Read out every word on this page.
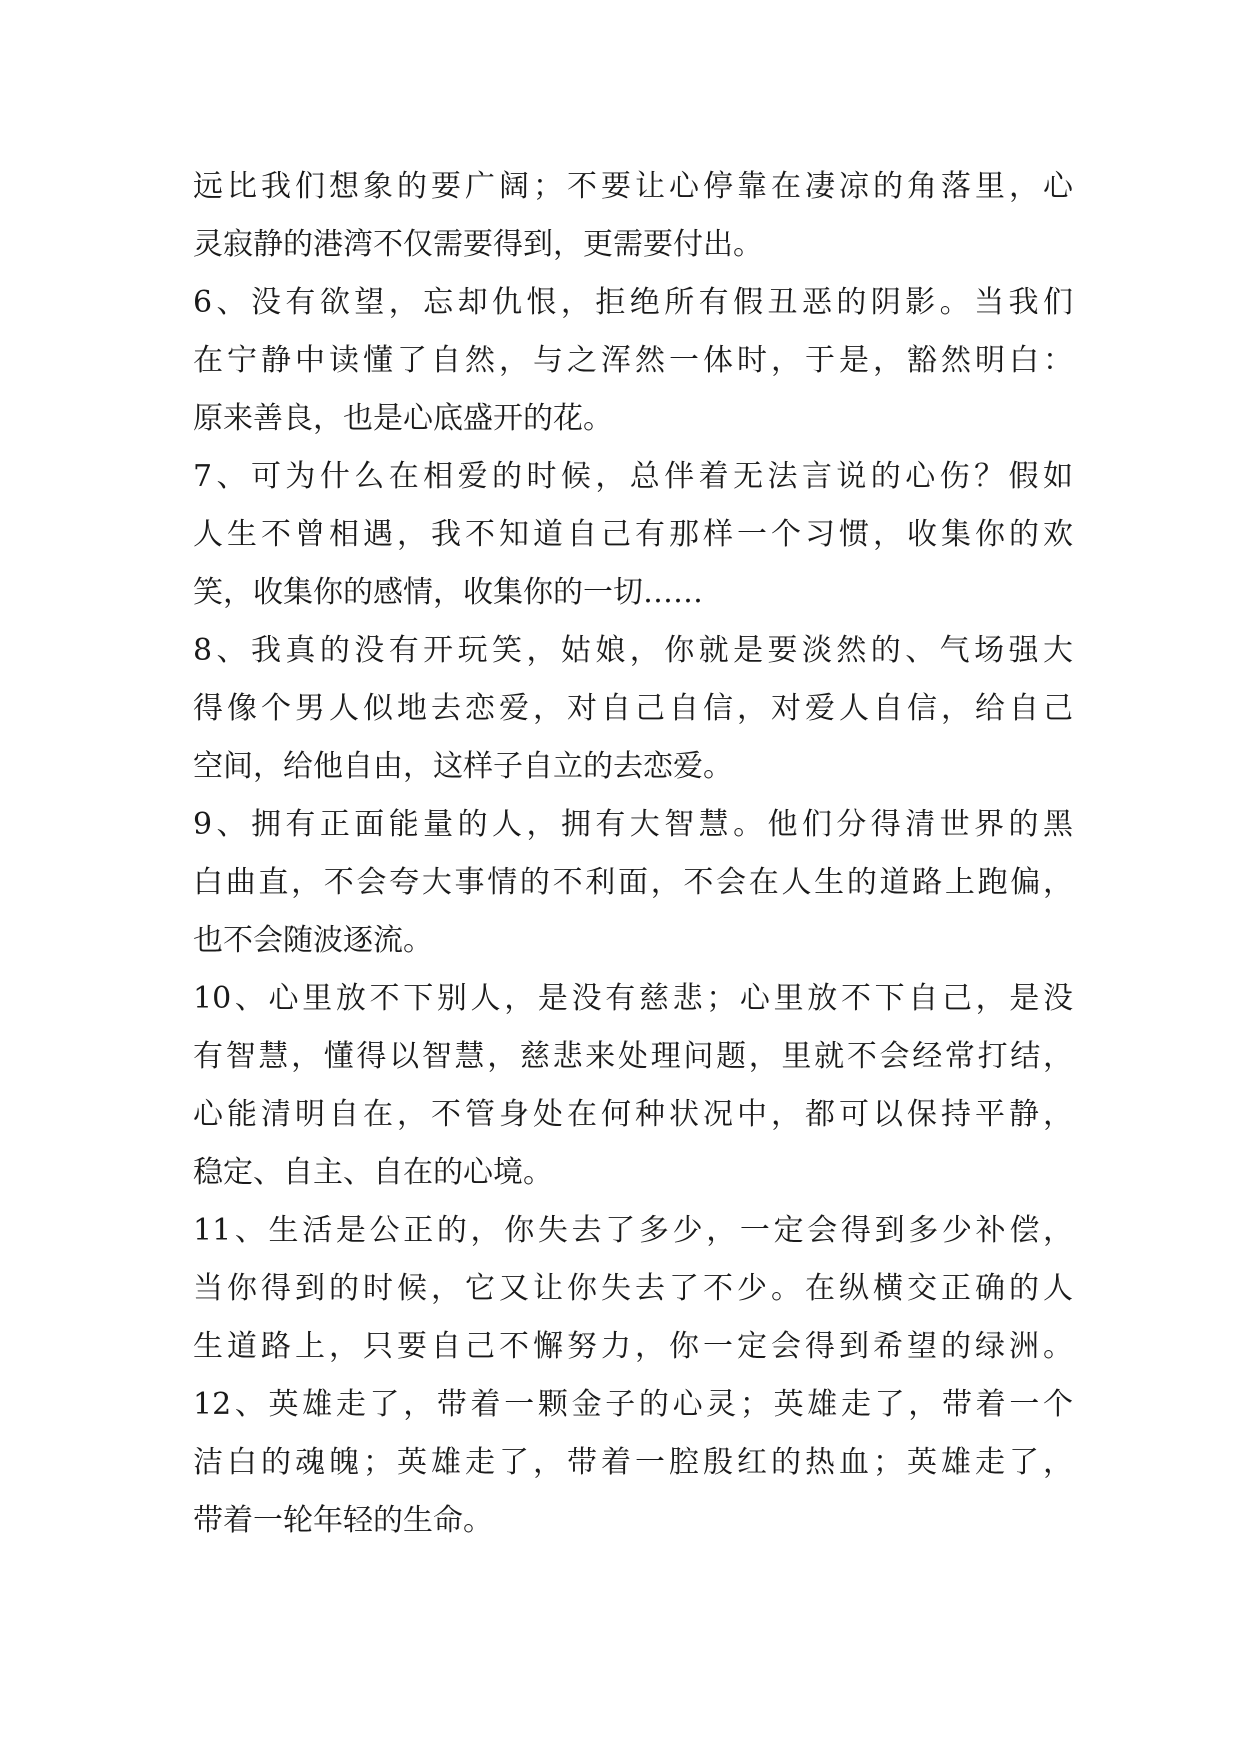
远比我们想象的要广阔；不要让心停靠在凄凉的角落里，心
灵寂静的港湾不仅需要得到，更需要付出。
6、没有欲望，忘却仇恨，拒绝所有假丑恶的阴影。当我们
在宁静中读懂了自然，与之浑然一体时，于是，豁然明白：
原来善良，也是心底盛开的花。
7、可为什么在相爱的时候，总伴着无法言说的心伤？假如
人生不曾相遇，我不知道自己有那样一个习惯，收集你的欢
笑，收集你的感情，收集你的一切……
8、我真的没有开玩笑，姑娘，你就是要淡然的、气场强大
得像个男人似地去恋爱，对自己自信，对爱人自信，给自己
空间，给他自由，这样子自立的去恋爱。
9、拥有正面能量的人，拥有大智慧。他们分得清世界的黑
白曲直，不会夸大事情的不利面，不会在人生的道路上跑偏，
也不会随波逐流。
10、心里放不下别人，是没有慈悲；心里放不下自己，是没
有智慧，懂得以智慧，慈悲来处理问题，里就不会经常打结，
心能清明自在，不管身处在何种状况中，都可以保持平静，
稳定、自主、自在的心境。
11、生活是公正的，你失去了多少，一定会得到多少补偿，
当你得到的时候，它又让你失去了不少。在纵横交正确的人
生道路上，只要自己不懈努力，你一定会得到希望的绿洲。
12、英雄走了，带着一颗金子的心灵；英雄走了，带着一个
洁白的魂魄；英雄走了，带着一腔殷红的热血；英雄走了，
带着一轮年轻的生命。
